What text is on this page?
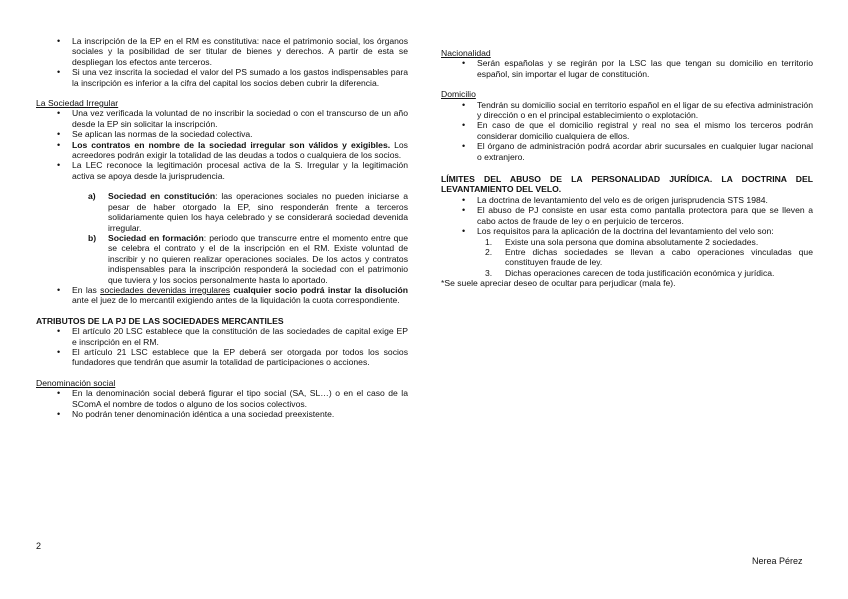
• La inscripción de la EP en el RM es constitutiva: nace el patrimonio social, los órganos sociales y la posibilidad de ser titular de bienes y derechos. A partir de esta se despliegan los efectos ante terceros.
• Si una vez inscrita la sociedad el valor del PS sumado a los gastos indispensables para la inscripción es inferior a la cifra del capital los socios deben cubrir la diferencia.
La Sociedad Irregular
• Una vez verificada la voluntad de no inscribir la sociedad o con el transcurso de un año desde la EP sin solicitar la inscripción.
• Se aplican las normas de la sociedad colectiva.
• Los contratos en nombre de la sociedad irregular son válidos y exigibles. Los acreedores podrán exigir la totalidad de las deudas a todos o cualquiera de los socios.
• La LEC reconoce la legitimación procesal activa de la S. Irregular y la legitimación activa se apoya desde la jurisprudencia.
a) Sociedad en constitución: las operaciones sociales no pueden iniciarse a pesar de haber otorgado la EP, sino responderán frente a terceros solidariamente quien los haya celebrado y se considerará sociedad devenida irregular.
b) Sociedad en formación: periodo que transcurre entre el momento entre que se celebra el contrato y el de la inscripción en el RM. Existe voluntad de inscribir y no quieren realizar operaciones sociales. De los actos y contratos indispensables para la inscripción responderá la sociedad con el patrimonio que tuviera y los socios personalmente hasta lo aportado.
• En las sociedades devenidas irregulares cualquier socio podrá instar la disolución ante el juez de lo mercantil exigiendo antes de la liquidación la cuota correspondiente.
ATRIBUTOS DE LA PJ DE LAS SOCIEDADES MERCANTILES
• El artículo 20 LSC establece que la constitución de las sociedades de capital exige EP e inscripción en el RM.
• El artículo 21 LSC establece que la EP deberá ser otorgada por todos los socios fundadores que tendrán que asumir la totalidad de participaciones o acciones.
Denominación social
• En la denominación social deberá figurar el tipo social (SA, SL…) o en el caso de la SComA el nombre de todos o alguno de los socios colectivos.
• No podrán tener denominación idéntica a una sociedad preexistente.
Nacionalidad
• Serán españolas y se regirán por la LSC las que tengan su domicilio en territorio español, sin importar el lugar de constitución.
Domicilio
• Tendrán su domicilio social en territorio español en el ligar de su efectiva administración y dirección o en el principal establecimiento o explotación.
• En caso de que el domicilio registral y real no sea el mismo los terceros podrán considerar domicilio cualquiera de ellos.
• El órgano de administración podrá acordar abrir sucursales en cualquier lugar nacional o extranjero.
LÍMITES DEL ABUSO DE LA PERSONALIDAD JURÍDICA. LA DOCTRINA DEL LEVANTAMIENTO DEL VELO.
• La doctrina de levantamiento del velo es de origen jurisprudencia STS 1984.
• El abuso de PJ consiste en usar esta como pantalla protectora para que se lleven a cabo actos de fraude de ley o en perjuicio de terceros.
• Los requisitos para la aplicación de la doctrina del levantamiento del velo son:
1. Existe una sola persona que domina absolutamente 2 sociedades.
2. Entre dichas sociedades se llevan a cabo operaciones vinculadas que constituyen fraude de ley.
3. Dichas operaciones carecen de toda justificación económica y jurídica.
*Se suele apreciar deseo de ocultar para perjudicar (mala fe).
2
Nerea Pérez
